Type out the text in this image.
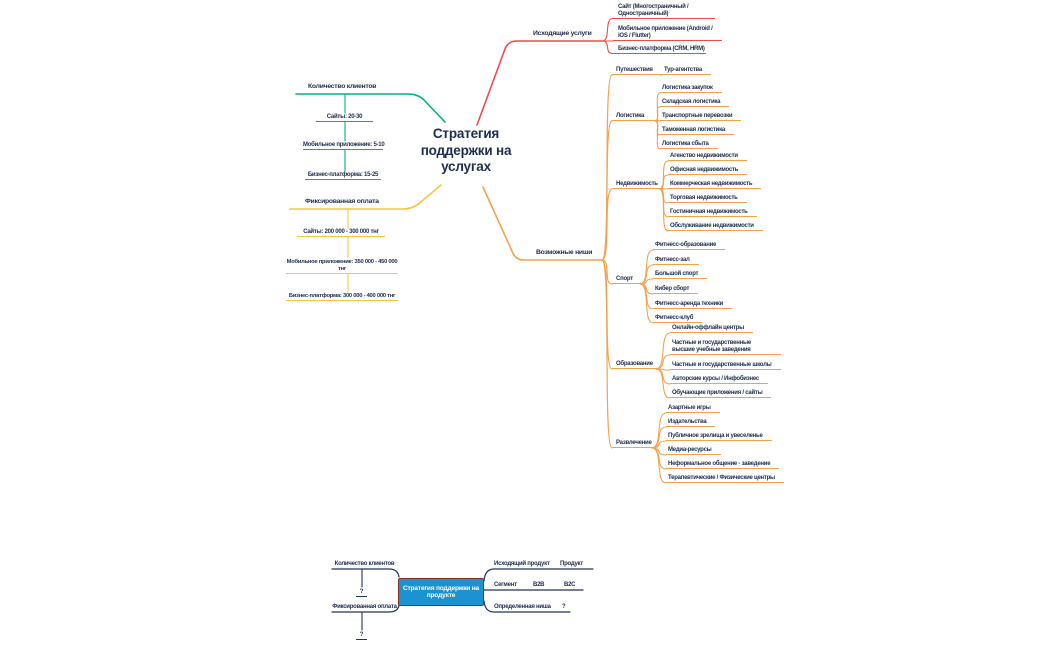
Стратегия поддержки на услугах
Стратегия поддержки на продукте
Количество клиентов
Сайты: 20-30
Мобильное приложение: 5-10
Бизнес-платформа: 15-25
Фиксированная оплата
Сайты: 200 000 - 300 000 тнг
Мобильное приложение: 350 000 - 450 000 тнг
Бизнес-платформа: 300 000 - 400 000 тнг
Исходящие услуги
Сайт (Многостраничный / Одностраничный)
Мобильное приложение (Android / iOS / Flutter)
Бизнес-платформа (CRM, HRM)
Возможные ниши
Путешествия	Тур-агентства
Логистика
Логистика закупок
Складская логистика
Транспортные перевозки
Таможенная логистика
Логистика сбыта
Недвижимость
Агенство недвижимости
Офисная недвижимость
Коммерческая недвижимость
Торговая недвижимость
Гостиничная недвижимость
Обслуживание недвижимости
Спорт
Фитнесс-образование
Фитнесс-зал
Большой спорт
Кибер сборт
Фитнесс-аренда техники
Фитнесс-клуб
Образование
Онлайн-оффлайн центры
Частные и государственные высшие учебные заведения
Частные и государственные школы
Авторские курсы / Инфобизнес
Обучающие приложения / сайты
Развлечение
Азартные игры
Издательства
Публичное зрелища и увеселенье
Медиа-ресурсы
Неформальное общение - заведение
Терапевтические / Физические центры
Количество клиентов
?
Фиксированная оплата
?
Исходящий продукт Продукт
Сегмент	B2B	B2C
Определенная ниша ?
